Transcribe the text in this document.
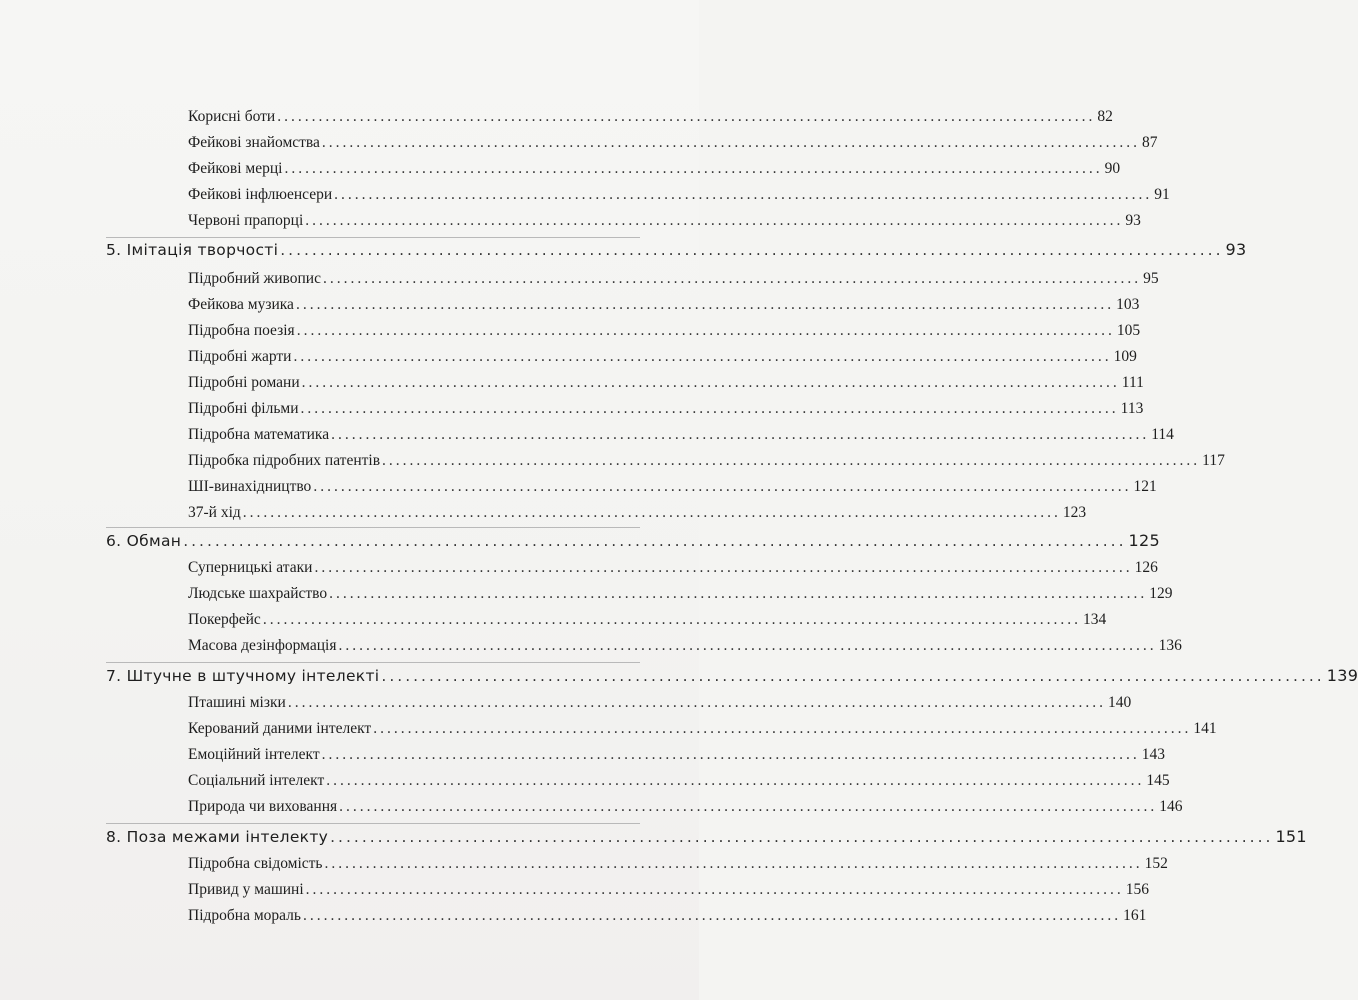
Корисні боти ....................................................................................................................... 82
Фейкові знайомства ....................................................................................................................... 87
Фейкові мерці ....................................................................................................................... 90
Фейкові інфлюенсери ....................................................................................................................... 91
Червоні прапорці ....................................................................................................................... 93
5. Імітація творчості ....................................................................................................................... 93
Підробний живопис ....................................................................................................................... 95
Фейкова музика ....................................................................................................................... 103
Підробна поезія ....................................................................................................................... 105
Підробні жарти ....................................................................................................................... 109
Підробні романи ....................................................................................................................... 111
Підробні фільми ....................................................................................................................... 113
Підробна математика ....................................................................................................................... 114
Підробка підробних патентів ....................................................................................................................... 117
ШІ-винахідництво ....................................................................................................................... 121
37-й хід ....................................................................................................................... 123
6. Обман ....................................................................................................................... 125
Суперницькі атаки ....................................................................................................................... 126
Людське шахрайство ....................................................................................................................... 129
Покерфейс ....................................................................................................................... 134
Масова дезінформація ....................................................................................................................... 136
7. Штучне в штучному інтелекті ....................................................................................................................... 139
Пташині мізки ....................................................................................................................... 140
Керований даними інтелект ....................................................................................................................... 141
Емоційний інтелект ....................................................................................................................... 143
Соціальний інтелект ....................................................................................................................... 145
Природа чи виховання ....................................................................................................................... 146
8. Поза межами інтелекту ....................................................................................................................... 151
Підробна свідомість ....................................................................................................................... 152
Привид у машині ....................................................................................................................... 156
Підробна мораль ....................................................................................................................... 161
